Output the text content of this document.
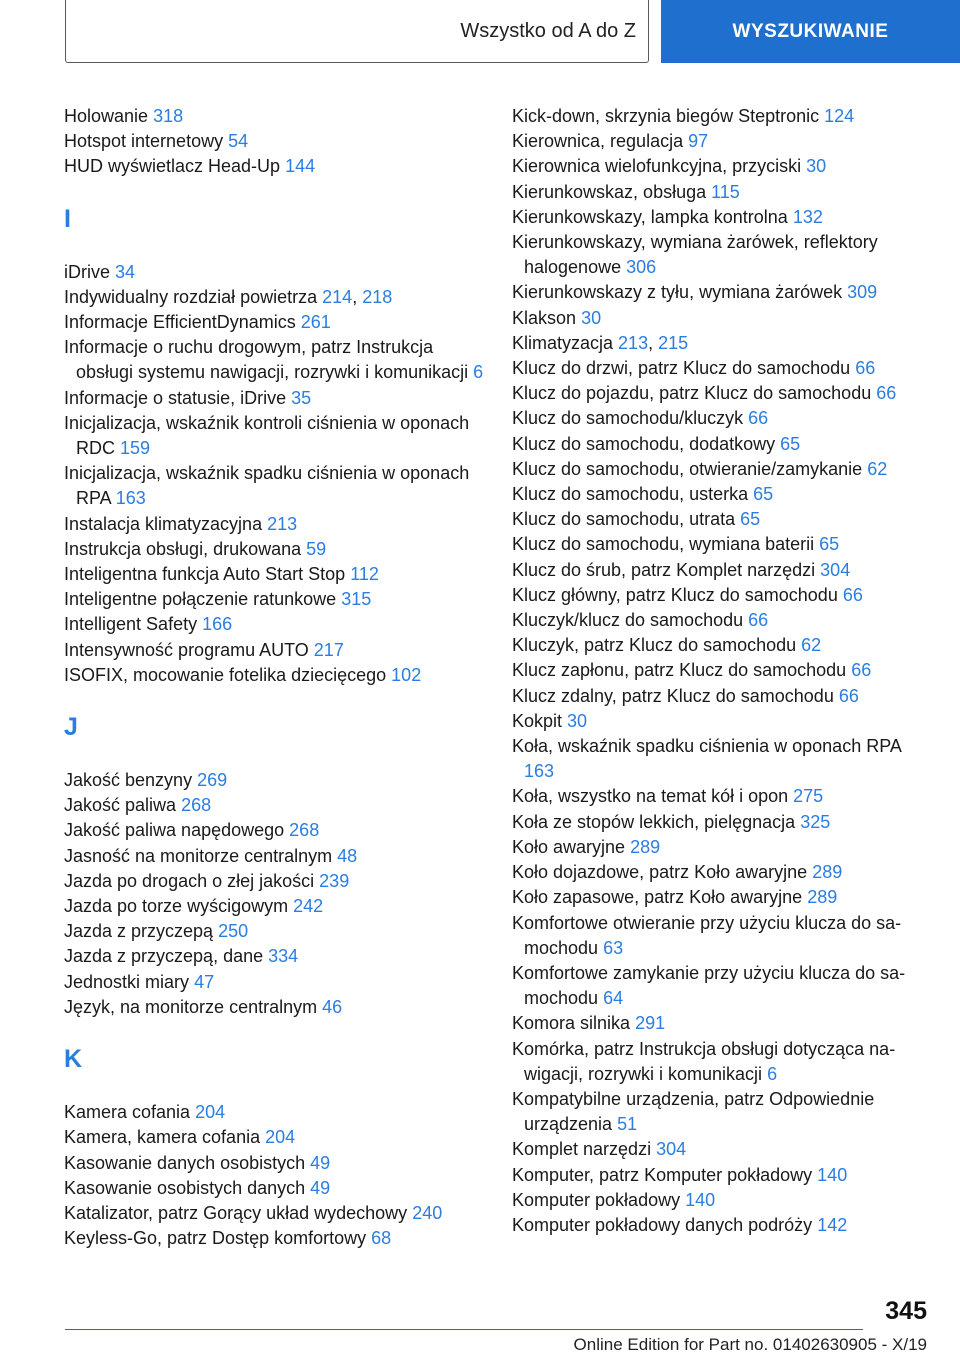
Wszystko od A do Z	WYSZUKIWANIE

Holowanie 318

Hotspot internetowy 54

HUD wyświetlacz Head-Up 144

I

iDrive 34

Indywidualny rozdział powietrza 214, 218

Informacje EfficientDynamics 261

Informacje o ruchu drogowym, patrz Instrukcja obsługi systemu nawigacji, rozrywki i komunikacji 6

Informacje o statusie, iDrive 35

Inicjalizacja, wskaźnik kontroli ciśnienia w oponach RDC 159

Inicjalizacja, wskaźnik spadku ciśnienia w oponach RPA 163

Instalacja klimatyzacyjna 213

Instrukcja obsługi, drukowana 59

Inteligentna funkcja Auto Start Stop 112

Inteligentne połączenie ratunkowe 315

Intelligent Safety 166

Intensywność programu AUTO 217

ISOFIX, mocowanie fotelika dziecięcego 102

J

Jakość benzyny 269

Jakość paliwa 268

Jakość paliwa napędowego 268

Jasność na monitorze centralnym 48

Jazda po drogach o złej jakości 239

Jazda po torze wyścigowym 242

Jazda z przyczepą 250

Jazda z przyczepą, dane 334

Jednostki miary 47

Język, na monitorze centralnym 46

K

Kamera cofania 204

Kamera, kamera cofania 204

Kasowanie danych osobistych 49

Kasowanie osobistych danych 49

Katalizator, patrz Gorący układ wydechowy 240

Keyless-Go, patrz Dostęp komfortowy 68

Kick-down, skrzynia biegów Steptronic 124

Kierownica, regulacja 97

Kierownica wielofunkcyjna, przyciski 30

Kierunkowskaz, obsługa 115

Kierunkowskazy, lampka kontrolna 132

Kierunkowskazy, wymiana żarówek, reflektory halogenowe 306

Kierunkowskazy z tyłu, wymiana żarówek 309

Klakson 30

Klimatyzacja 213, 215

Klucz do drzwi, patrz Klucz do samochodu 66

Klucz do pojazdu, patrz Klucz do samochodu 66

Klucz do samochodu/kluczyk 66

Klucz do samochodu, dodatkowy 65

Klucz do samochodu, otwieranie/zamykanie 62

Klucz do samochodu, usterka 65

Klucz do samochodu, utrata 65

Klucz do samochodu, wymiana baterii 65

Klucz do śrub, patrz Komplet narzędzi 304

Klucz główny, patrz Klucz do samochodu 66

Kluczyk/klucz do samochodu 66

Kluczyk, patrz Klucz do samochodu 62

Klucz zapłonu, patrz Klucz do samochodu 66

Klucz zdalny, patrz Klucz do samochodu 66

Kokpit 30

Koła, wskaźnik spadku ciśnienia w oponach RPA 163

Koła, wszystko na temat kół i opon 275

Koła ze stopów lekkich, pielęgnacja 325

Koło awaryjne 289

Koło dojazdowe, patrz Koło awaryjne 289

Koło zapasowe, patrz Koło awaryjne 289

Komfortowe otwieranie przy użyciu klucza do samochodu 63

Komfortowe zamykanie przy użyciu klucza do samochodu 64

Komora silnika 291

Komórka, patrz Instrukcja obsługi dotycząca nawigacji, rozrywki i komunikacji 6

Kompatybilne urządzenia, patrz Odpowiednie urządzenia 51

Komplet narzędzi 304

Komputer, patrz Komputer pokładowy 140

Komputer pokładowy 140

Komputer pokładowy danych podróży 142

345
Online Edition for Part no. 01402630905 - X/19
